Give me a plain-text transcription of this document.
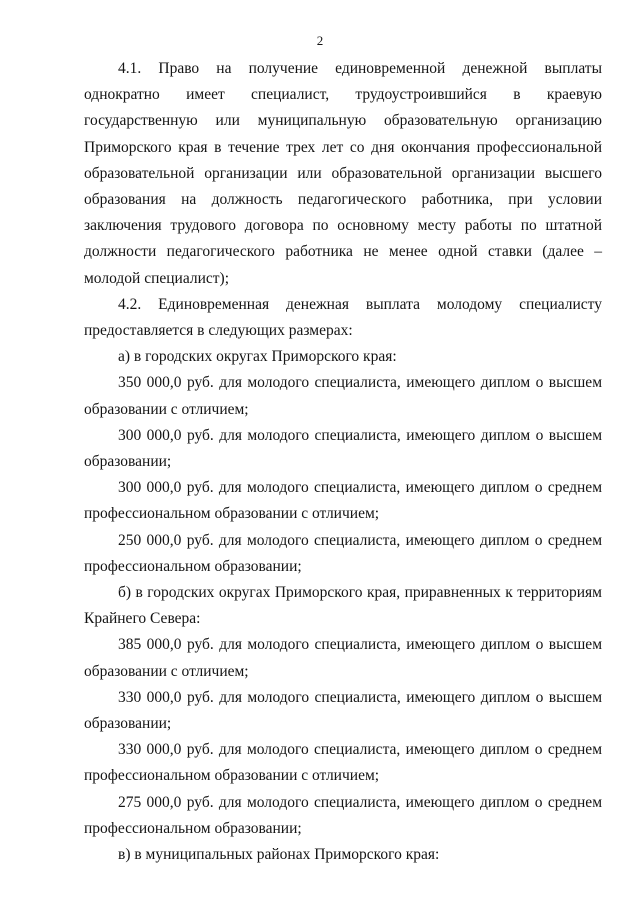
2

4.1. Право на получение единовременной денежной выплаты однократно имеет специалист, трудоустроившийся в краевую государственную или муниципальную образовательную организацию Приморского края в течение трех лет со дня окончания профессиональной образовательной организации или образовательной организации высшего образования на должность педагогического работника, при условии заключения трудового договора по основному месту работы по штатной должности педагогического работника не менее одной ставки (далее – молодой специалист);

4.2. Единовременная денежная выплата молодому специалисту предоставляется в следующих размерах:

а) в городских округах Приморского края:

350 000,0 руб. для молодого специалиста, имеющего диплом о высшем образовании с отличием;

300 000,0 руб. для молодого специалиста, имеющего диплом о высшем образовании;

300 000,0 руб. для молодого специалиста, имеющего диплом о среднем профессиональном образовании с отличием;

250 000,0 руб. для молодого специалиста, имеющего диплом о среднем профессиональном образовании;

б) в городских округах Приморского края, приравненных к территориям Крайнего Севера:

385 000,0 руб. для молодого специалиста, имеющего диплом о высшем образовании с отличием;

330 000,0 руб. для молодого специалиста, имеющего диплом о высшем образовании;

330 000,0 руб. для молодого специалиста, имеющего диплом о среднем профессиональном образовании с отличием;

275 000,0 руб. для молодого специалиста, имеющего диплом о среднем профессиональном образовании;

в) в муниципальных районах Приморского края:
